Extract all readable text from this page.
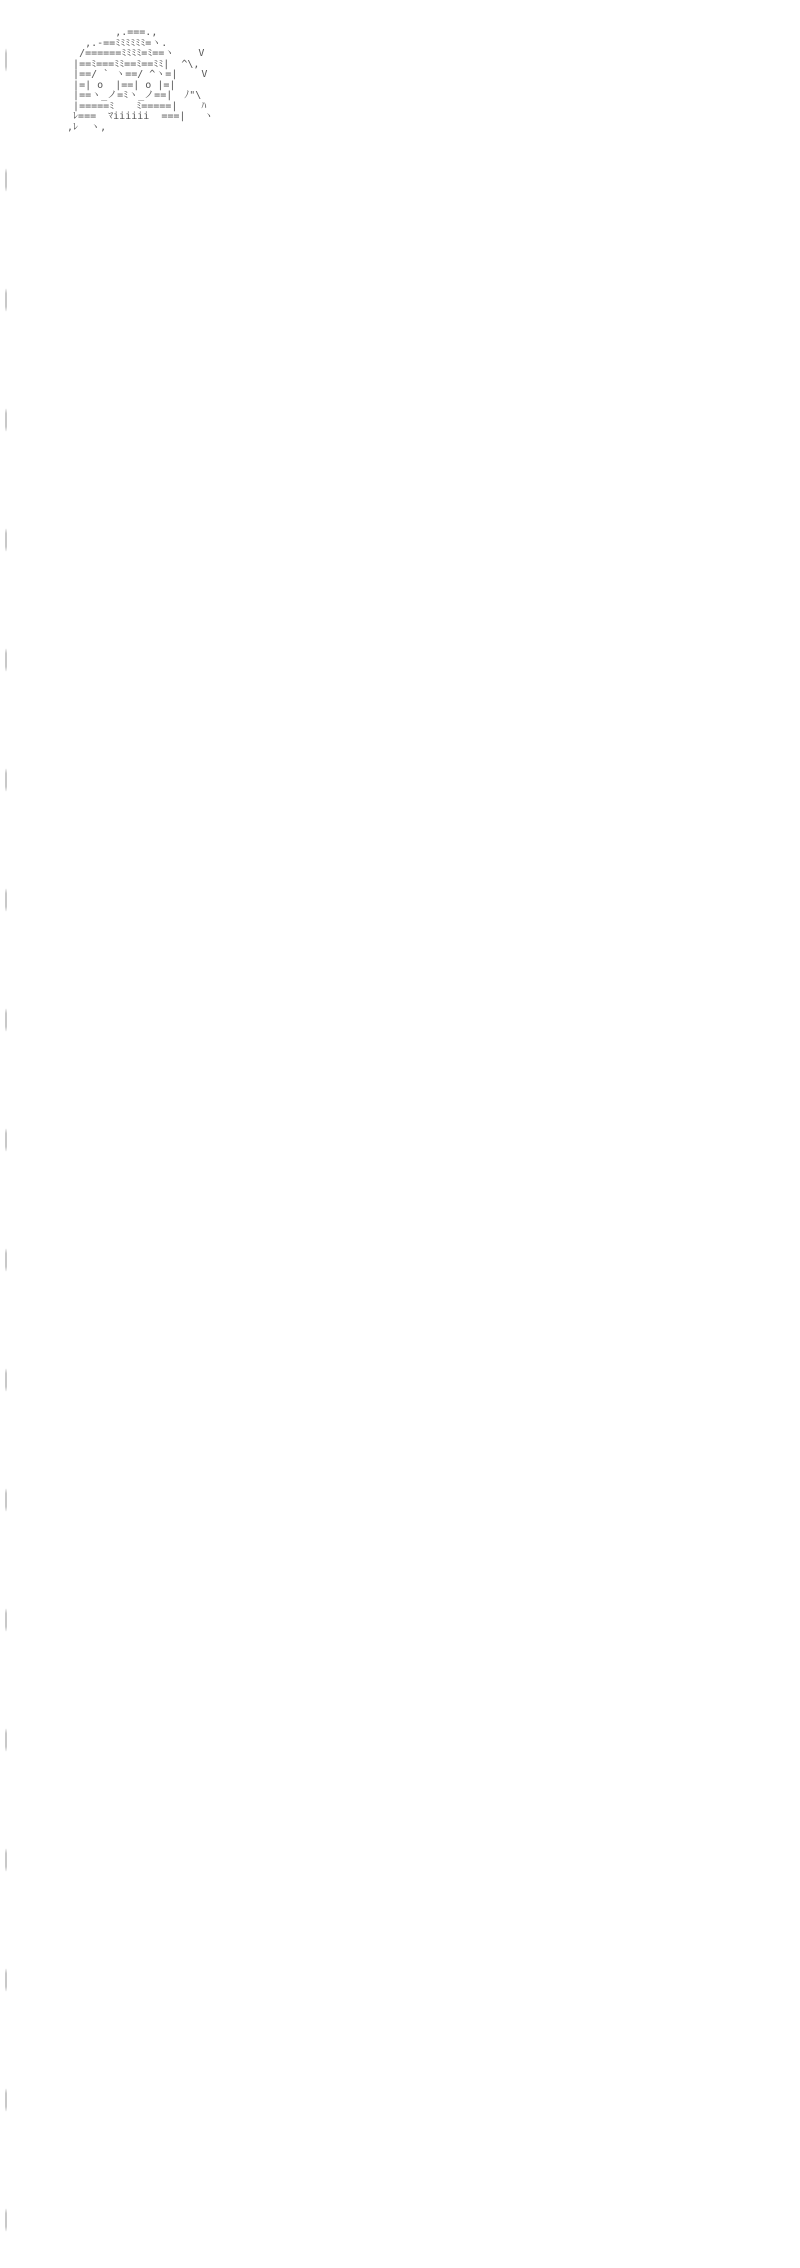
,.===.,
,.-==ﾐﾐﾐﾐﾐﾐ=ヽ.
/======ﾐﾐﾐﾐ=ﾐ==ヽ    V
|==ﾐ===ﾐﾐ==ﾐ==ﾐﾐ|  ^\,
|==/ ` ヽ==/ ^ヽ=|    V
|=| o  |==| o |=|
|==ヽ_ノ=ﾐヽ_ノ==|  ﾉ"\
|=====ﾐ 　 ﾐ=====|    ﾊ
ﾚ===  ﾏiiiiii  ===|   ヽ
,ﾚ  ヽ,
